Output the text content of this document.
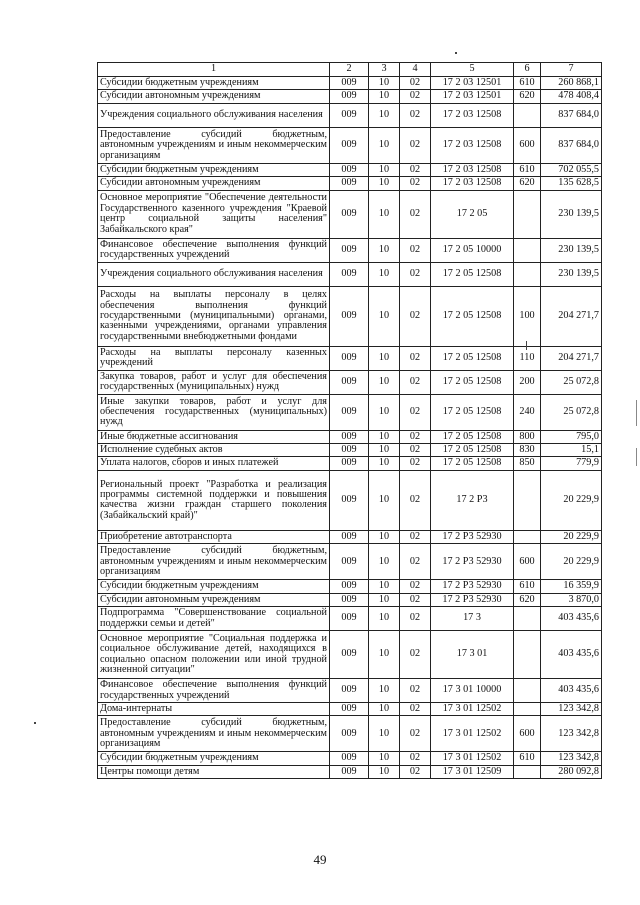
1	2	3	4	5	6	7
Субсидии бюджетным учреждениям	009	10	02	17 2 03 12501	610	260 868,1
Субсидии автономным учреждениям	009	10	02	17 2 03 12501	620	478 408,4
Учреждения социального обслуживания населения	009	10	02	17 2 03 12508		837 684,0
Предоставление субсидий бюджетным, автономным учреждениям и иным некоммерческим организациям	009	10	02	17 2 03 12508	600	837 684,0
Субсидии бюджетным учреждениям	009	10	02	17 2 03 12508	610	702 055,5
Субсидии автономным учреждениям	009	10	02	17 2 03 12508	620	135 628,5
Основное мероприятие "Обеспечение деятельности Государственного казенного учреждения "Краевой центр социальной защиты населения" Забайкальского края"	009	10	02	17 2 05		230 139,5
Финансовое обеспечение выполнения функций государственных учреждений	009	10	02	17 2 05 10000		230 139,5
Учреждения социального обслуживания населения	009	10	02	17 2 05 12508		230 139,5
Расходы на выплаты персоналу в целях обеспечения выполнения функций государственными (муниципальными) органами, казенными учреждениями, органами управления государственными внебюджетными фондами	009	10	02	17 2 05 12508	100	204 271,7
Расходы на выплаты персоналу казенных учреждений	009	10	02	17 2 05 12508	110	204 271,7
Закупка товаров, работ и услуг для обеспечения государственных (муниципальных) нужд	009	10	02	17 2 05 12508	200	25 072,8
Иные закупки товаров, работ и услуг для обеспечения государственных (муниципальных) нужд	009	10	02	17 2 05 12508	240	25 072,8
Иные бюджетные ассигнования	009	10	02	17 2 05 12508	800	795,0
Исполнение судебных актов	009	10	02	17 2 05 12508	830	15,1
Уплата налогов, сборов и иных платежей	009	10	02	17 2 05 12508	850	779,9
Региональный проект "Разработка и реализация программы системной поддержки и повышения качества жизни граждан старшего поколения (Забайкальский край)"	009	10	02	17 2 P3		20 229,9
Приобретение автотранспорта	009	10	02	17 2 P3 52930		20 229,9
Предоставление субсидий бюджетным, автономным учреждениям и иным некоммерческим организациям	009	10	02	17 2 P3 52930	600	20 229,9
Субсидии бюджетным учреждениям	009	10	02	17 2 P3 52930	610	16 359,9
Субсидии автономным учреждениям	009	10	02	17 2 P3 52930	620	3 870,0
Подпрограмма "Совершенствование социальной поддержки семьи и детей"	009	10	02	17 3		403 435,6
Основное мероприятие "Социальная поддержка и социальное обслуживание детей, находящихся в социально опасном положении или иной трудной жизненной ситуации"	009	10	02	17 3 01		403 435,6
Финансовое обеспечение выполнения функций государственных учреждений	009	10	02	17 3 01 10000		403 435,6
Дома-интернаты	009	10	02	17 3 01 12502		123 342,8
Предоставление субсидий бюджетным, автономным учреждениям и иным некоммерческим организациям	009	10	02	17 3 01 12502	600	123 342,8
Субсидии бюджетным учреждениям	009	10	02	17 3 01 12502	610	123 342,8
Центры помощи детям	009	10	02	17 3 01 12509		280 092,8
49
